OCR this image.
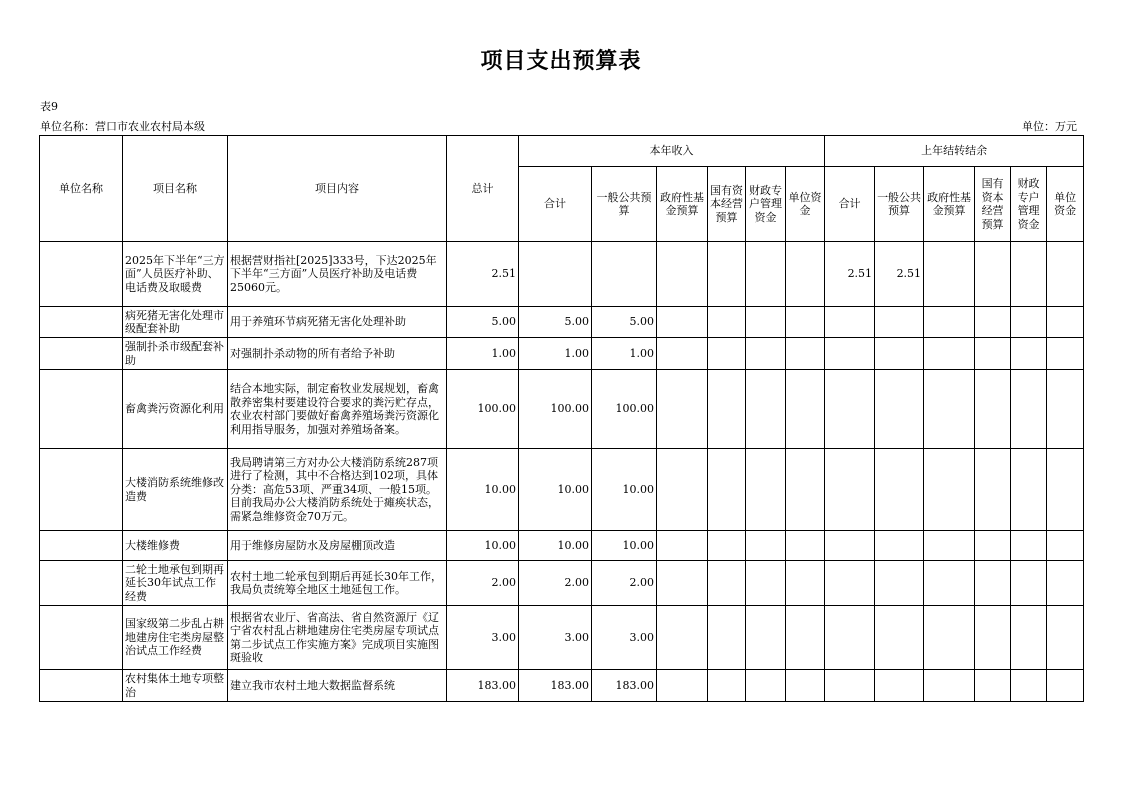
项目支出预算表
表9
单位名称：营口市农业农村局本级	单位：万元
单位名称	项目名称	项目内容	总计	本年收入						上年结转结余					
				合计	一般公共预算	政府性基金预算	国有资本经营预算	财政专户管理资金	单位资金	合计	一般公共预算	政府性基金预算	国有资本经营预算	财政专户管理资金	单位资金
	2025年下半年“三方面”人员医疗补助、电话费及取暖费	根据营财指社[2025]333号，下达2025年下半年“三方面”人员医疗补助及电话费25060元。	2.51							2.51	2.51				
	病死猪无害化处理市级配套补助	用于养殖环节病死猪无害化处理补助	5.00	5.00	5.00										
	强制扑杀市级配套补助	对强制扑杀动物的所有者给予补助	1.00	1.00	1.00										
	畜禽粪污资源化利用	结合本地实际，制定畜牧业发展规划，畜禽散养密集村要建设符合要求的粪污贮存点，农业农村部门要做好畜禽养殖场粪污资源化利用指导服务，加强对养殖场备案。	100.00	100.00	100.00										
	大楼消防系统维修改造费	我局聘请第三方对办公大楼消防系统287项进行了检测，其中不合格达到102项，具体分类：高危53项、严重34项、一般15项。目前我局办公大楼消防系统处于瘫痪状态，需紧急维修资金70万元。	10.00	10.00	10.00										
	大楼维修费	用于维修房屋防水及房屋棚顶改造	10.00	10.00	10.00										
	二轮土地承包到期再延长30年试点工作经费	农村土地二轮承包到期后再延长30年工作，我局负责统筹全地区土地延包工作。	2.00	2.00	2.00										
	国家级第二步乱占耕地建房住宅类房屋整治试点工作经费	根据省农业厅、省高法、省自然资源厅《辽宁省农村乱占耕地建房住宅类房屋专项试点第二步试点工作实施方案》完成项目实施图斑验收	3.00	3.00	3.00										
	农村集体土地专项整治	建立我市农村土地大数据监督系统	183.00	183.00	183.00										
